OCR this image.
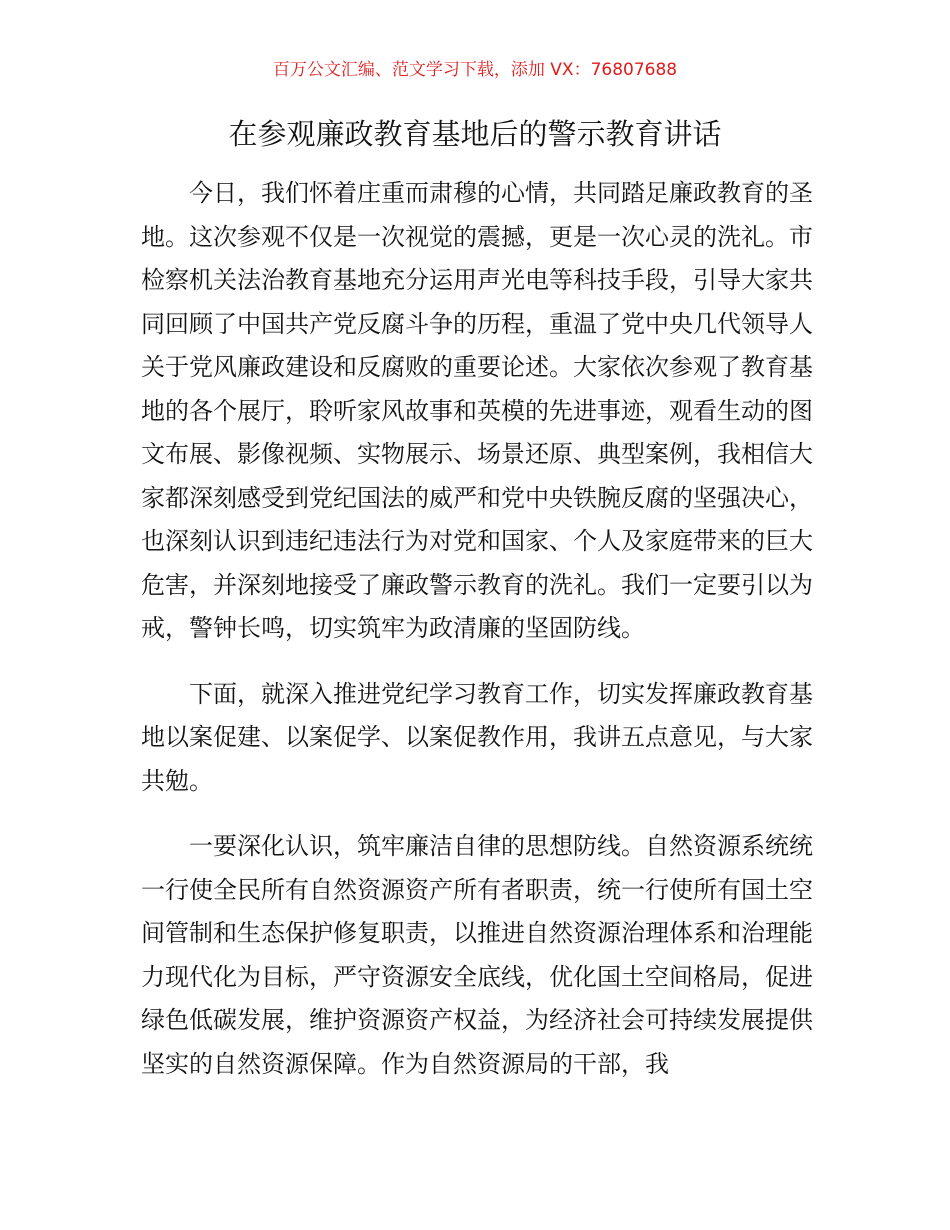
百万公文汇编、范文学习下载，添加 VX：76807688
在参观廉政教育基地后的警示教育讲话

今日，我们怀着庄重而肃穆的心情，共同踏足廉政教育的圣地。这次参观不仅是一次视觉的震撼，更是一次心灵的洗礼。市检察机关法治教育基地充分运用声光电等科技手段，引导大家共同回顾了中国共产党反腐斗争的历程，重温了党中央几代领导人关于党风廉政建设和反腐败的重要论述。大家依次参观了教育基地的各个展厅，聆听家风故事和英模的先进事迹，观看生动的图文布展、影像视频、实物展示、场景还原、典型案例，我相信大家都深刻感受到党纪国法的威严和党中央铁腕反腐的坚强决心，也深刻认识到违纪违法行为对党和国家、个人及家庭带来的巨大危害，并深刻地接受了廉政警示教育的洗礼。我们一定要引以为戒，警钟长鸣，切实筑牢为政清廉的坚固防线。

下面，就深入推进党纪学习教育工作，切实发挥廉政教育基地以案促建、以案促学、以案促教作用，我讲五点意见，与大家共勉。

一要深化认识，筑牢廉洁自律的思想防线。自然资源系统统一行使全民所有自然资源资产所有者职责，统一行使所有国土空间管制和生态保护修复职责，以推进自然资源治理体系和治理能力现代化为目标，严守资源安全底线，优化国土空间格局，促进绿色低碳发展，维护资源资产权益，为经济社会可持续发展提供坚实的自然资源保障。作为自然资源局的干部，我
